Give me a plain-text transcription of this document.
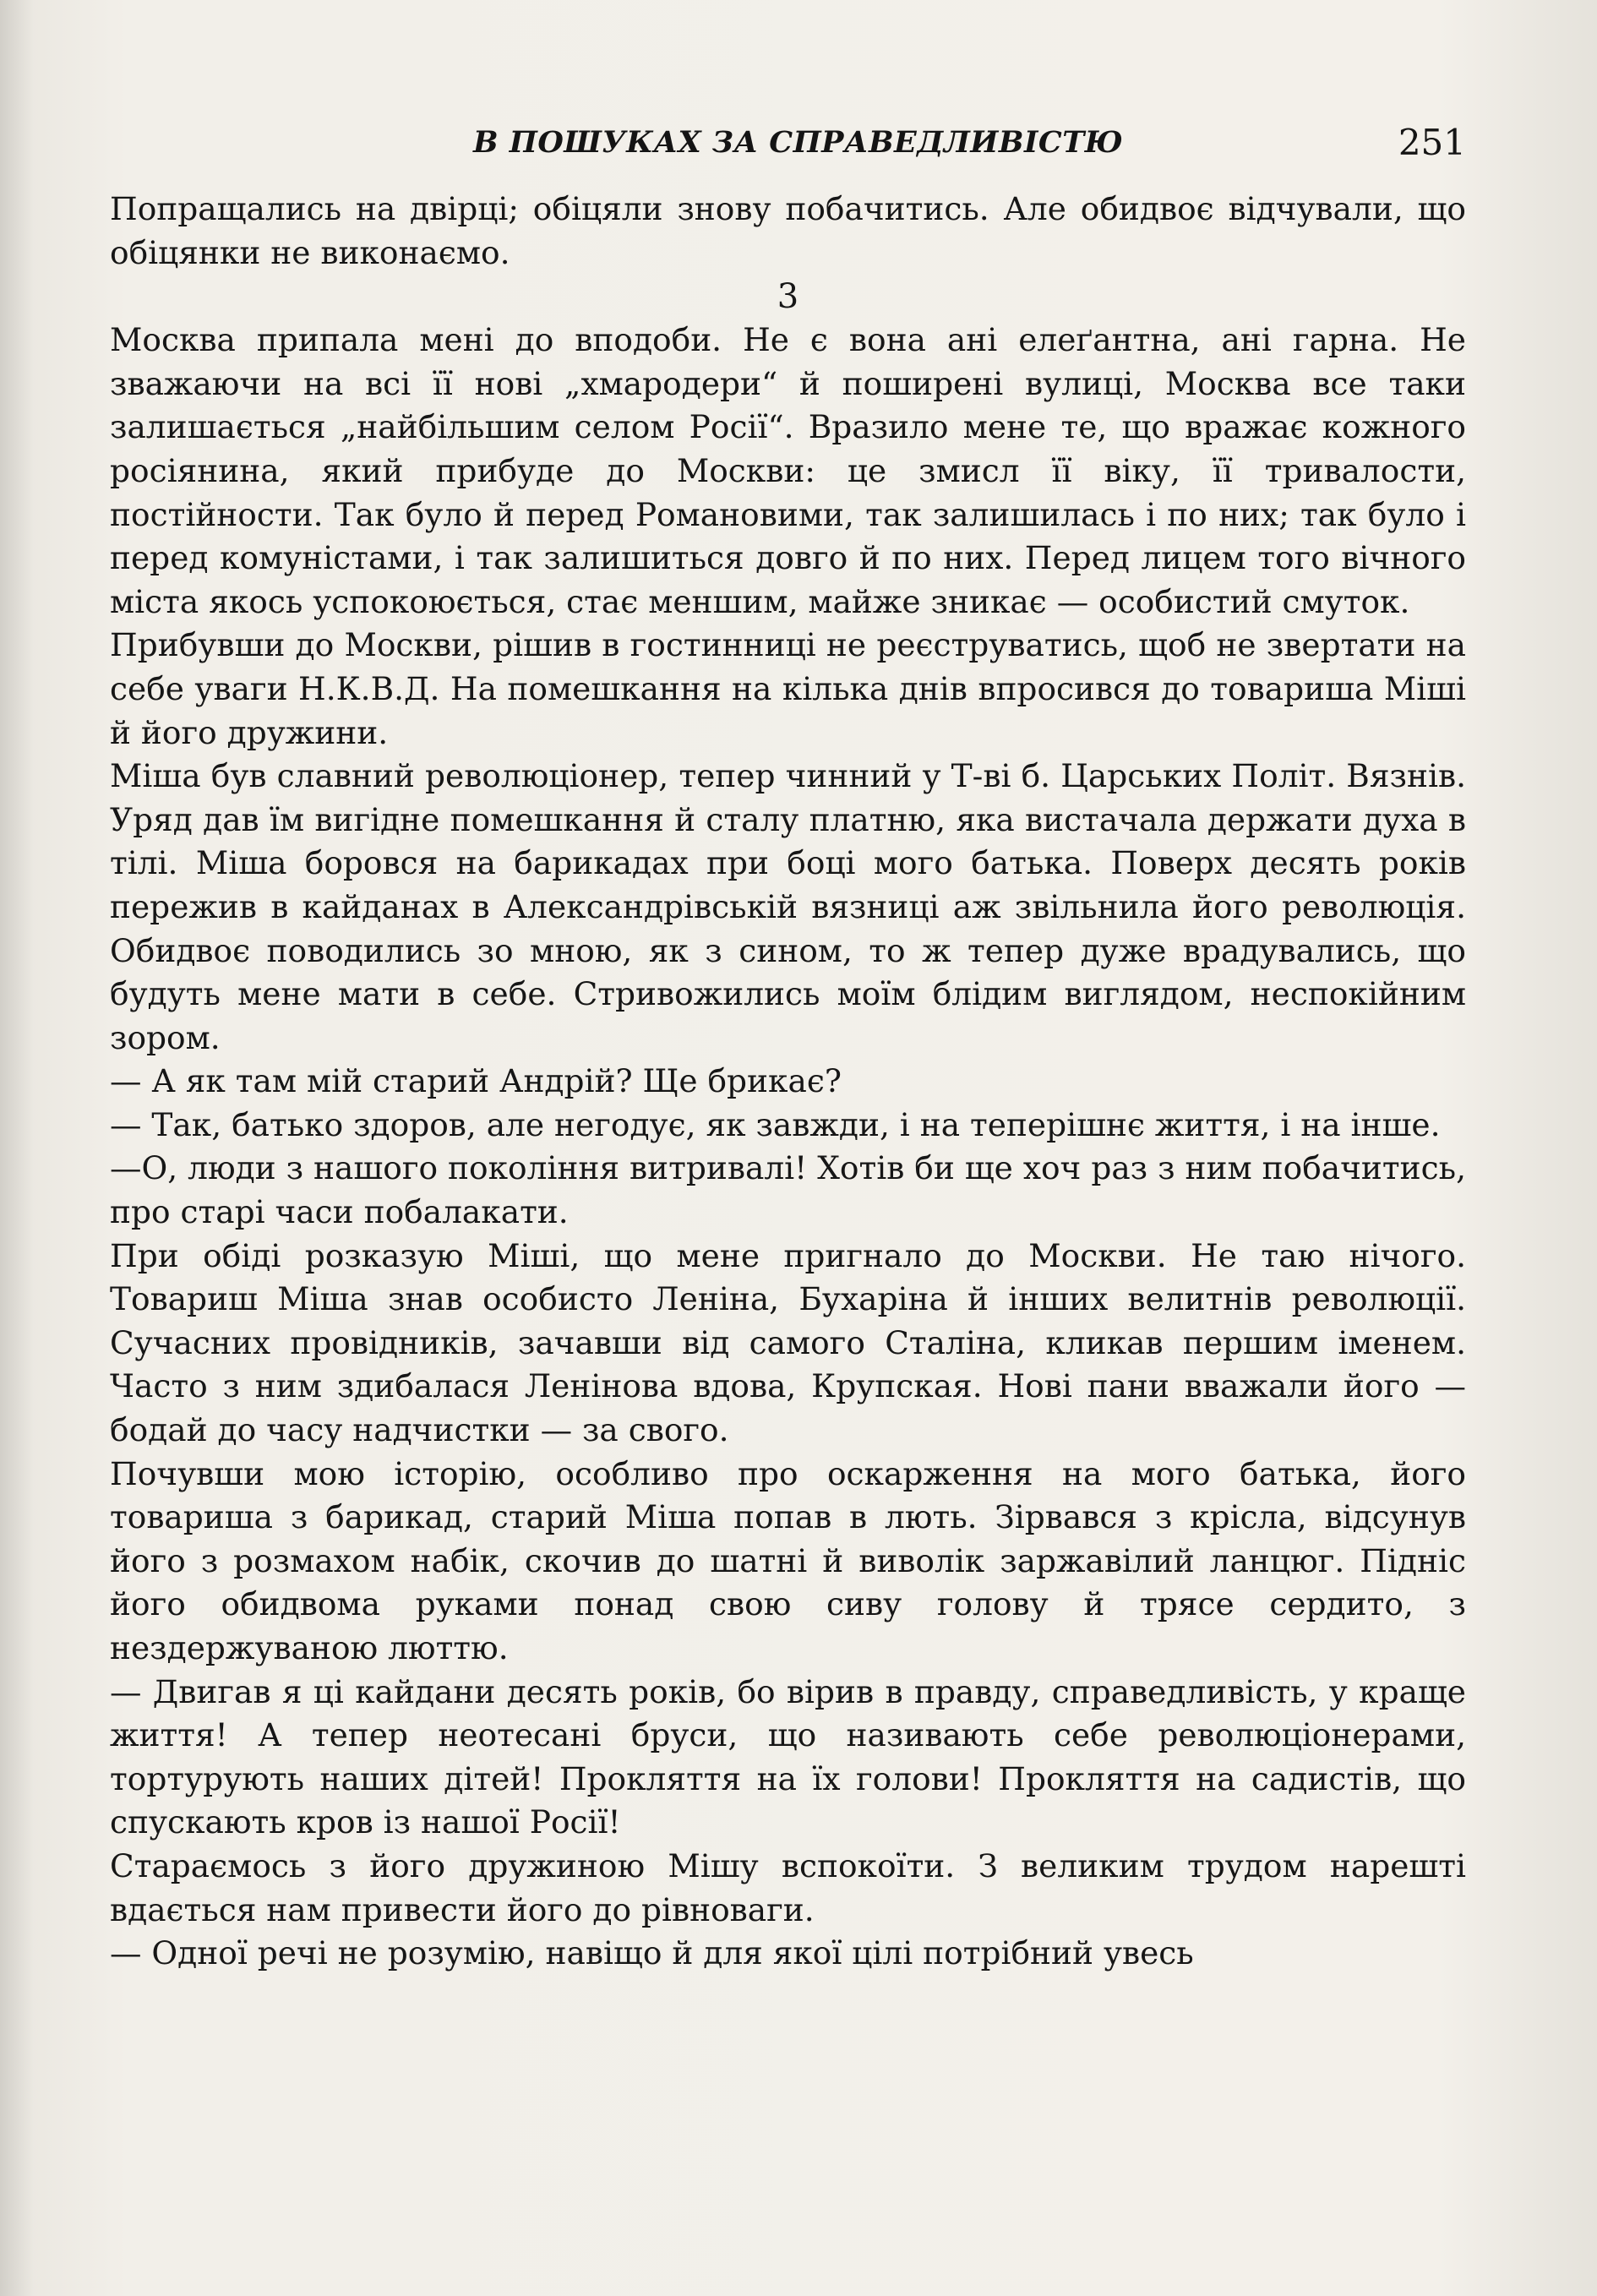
В ПОШУКАХ ЗА СПРАВЕДЛИВІСТЮ	251

Попращались на двірці; обіцяли знову побачитись. Але обидвоє відчували, що обіцянки не виконаємо.

3

Москва припала мені до вподоби. Не є вона ані елеґантна, ані гарна. Не зважаючи на всі її нові „хмародери“ й поширені вулиці, Москва все таки залишається „найбільшим селом Росії“. Вразило мене те, що вражає кожного росіянина, який прибуде до Москви: це змисл її віку, її тривалости, постійности. Так було й перед Романовими, так залишилась і по них; так було і перед комуністами, і так залишиться довго й по них. Перед лицем того вічного міста якось успокоюється, стає меншим, майже зникає — особистий смуток.

Прибувши до Москви, рішив в гостинниці не реєструватись, щоб не звертати на себе уваги Н.К.В.Д. На помешкання на кілька днів впросився до товариша Міші й його дружини.

Міша був славний революціонер, тепер чинний у Т-ві б. Царських Політ. Вязнів. Уряд дав їм вигідне помешкання й сталу платню, яка вистачала держати духа в тілі. Міша боровся на барикадах при боці мого батька. Поверх десять років пережив в кайданах в Александрівській вязниці аж звільнила його революція. Обидвоє поводились зо мною, як з сином, то ж тепер дуже врадувались, що будуть мене мати в себе. Стривожились моїм блідим виглядом, неспокійним зором.

— А як там мій старий Андрій? Ще брикає?

— Так, батько здоров, але негодує, як завжди, і на теперішнє життя, і на інше.

—О, люди з нашого покоління витривалі! Хотів би ще хоч раз з ним побачитись, про старі часи побалакати.

При обіді розказую Міші, що мене пригнало до Москви. Не таю нічого. Товариш Міша знав особисто Леніна, Бухаріна й інших велитнів революції. Сучасних провідників, зачавши від самого Сталіна, кликав першим іменем. Часто з ним здибалася Ленінова вдова, Крупская. Нові пани вважали його — бодай до часу надчистки — за свого.

Почувши мою історію, особливо про оскарження на мого батька, його товариша з барикад, старий Міша попав в лють. Зірвався з крісла, відсунув його з розмахом набік, скочив до шатні й виволік заржавілий ланцюг. Підніс його обидвома руками понад свою сиву голову й трясе сердито, з нездержуваною люттю.

— Двигав я ці кайдани десять років, бо вірив в правду, справедливість, у краще життя! А тепер неотесані бруси, що називають себе революціонерами, тортурують наших дітей! Прокляття на їх голови! Прокляття на садистів, що спускають кров із нашої Росії!

Стараємось з його дружиною Мішу вспокоїти. З великим трудом нарешті вдається нам привести його до рівноваги.

— Одної речі не розумію, навіщо й для якої цілі потрібний увесь
